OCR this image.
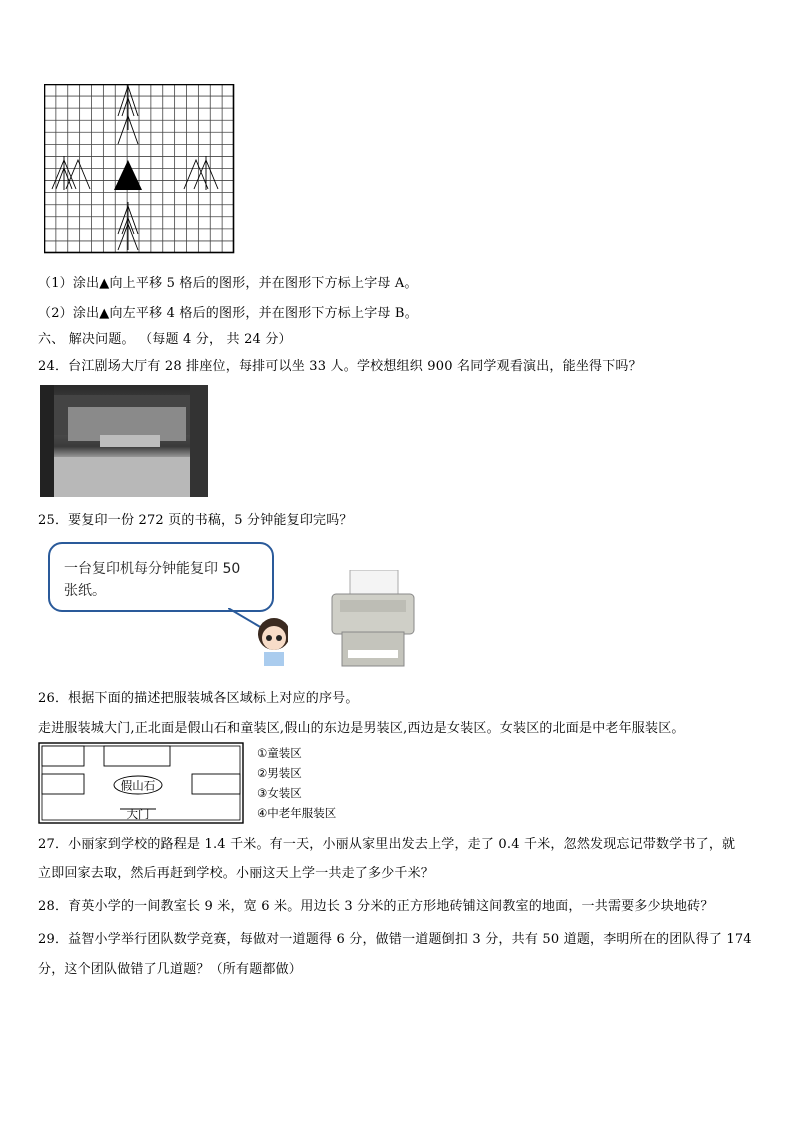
（1）涂出▲向上平移 5 格后的图形，并在图形下方标上字母 A。
（2）涂出▲向左平移 4 格后的图形，并在图形下方标上字母 B。
六、 解决问题。 （每题 4 分， 共 24 分）
24．台江剧场大厅有 28 排座位，每排可以坐 33 人。学校想组织 900 名同学观看演出，能坐得下吗？
25．要复印一份 272 页的书稿，5 分钟能复印完吗？
一台复印机每分钟能复印 50
张纸。
26．根据下面的描述把服装城各区域标上对应的序号。
走进服装城大门,正北面是假山石和童装区,假山的东边是男装区,西边是女装区。女装区的北面是中老年服装区。
假山石
大门
①童装区
②男装区
③女装区
④中老年服装区
27．小丽家到学校的路程是 1.4 千米。有一天，小丽从家里出发去上学，走了 0.4 千米，忽然发现忘记带数学书了，就
立即回家去取，然后再赶到学校。小丽这天上学一共走了多少千米？
28．育英小学的一间教室长 9 米，宽 6 米。用边长 3 分米的正方形地砖铺这间教室的地面，一共需要多少块地砖？
29．益智小学举行团队数学竞赛，每做对一道题得 6 分，做错一道题倒扣 3 分，共有 50 道题，李明所在的团队得了 174
分，这个团队做错了几道题？（所有题都做）
